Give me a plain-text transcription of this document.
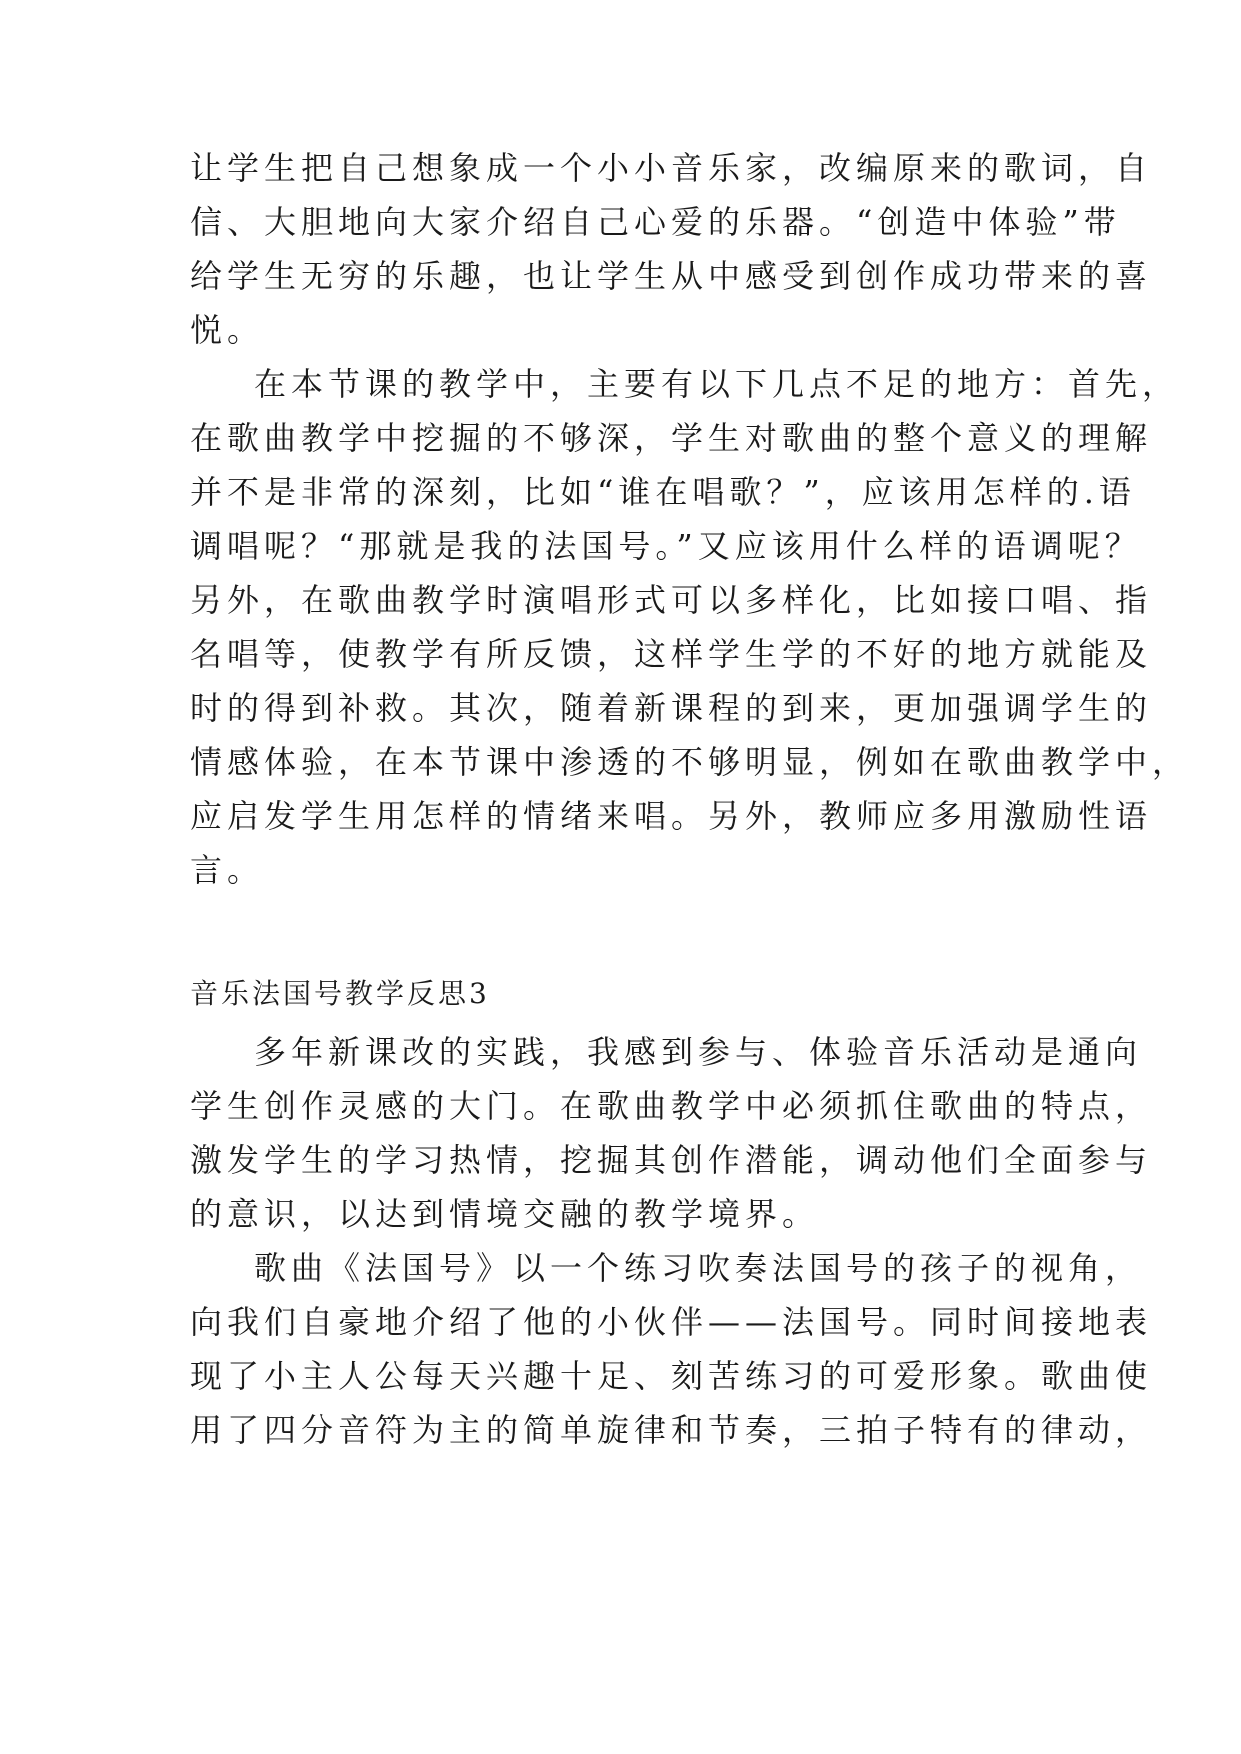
让学生把自己想象成一个小小音乐家，改编原来的歌词，自
信、大胆地向大家介绍自己心爱的乐器。“创造中体验”带
给学生无穷的乐趣，也让学生从中感受到创作成功带来的喜
悦。
在本节课的教学中，主要有以下几点不足的地方：首先，
在歌曲教学中挖掘的不够深，学生对歌曲的整个意义的理解
并不是非常的深刻，比如“谁在唱歌？”，应该用怎样的.语
调唱呢？“那就是我的法国号。”又应该用什么样的语调呢？
另外，在歌曲教学时演唱形式可以多样化，比如接口唱、指
名唱等，使教学有所反馈，这样学生学的不好的地方就能及
时的得到补救。其次，随着新课程的到来，更加强调学生的
情感体验，在本节课中渗透的不够明显，例如在歌曲教学中，
应启发学生用怎样的情绪来唱。另外，教师应多用激励性语
言。
音乐法国号教学反思3
多年新课改的实践，我感到参与、体验音乐活动是通向
学生创作灵感的大门。在歌曲教学中必须抓住歌曲的特点，
激发学生的学习热情，挖掘其创作潜能，调动他们全面参与
的意识，以达到情境交融的教学境界。
歌曲《法国号》以一个练习吹奏法国号的孩子的视角，
向我们自豪地介绍了他的小伙伴——法国号。同时间接地表
现了小主人公每天兴趣十足、刻苦练习的可爱形象。歌曲使
用了四分音符为主的简单旋律和节奏，三拍子特有的律动，
